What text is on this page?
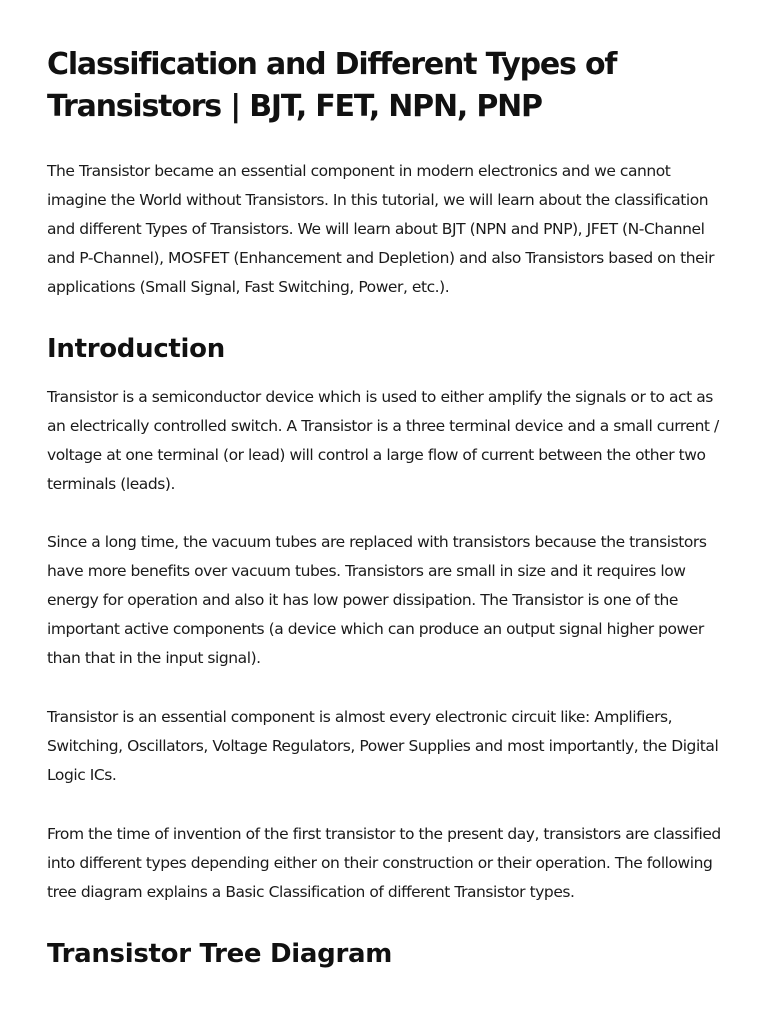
Classification and Different Types of Transistors | BJT, FET, NPN, PNP

The Transistor became an essential component in modern electronics and we cannot imagine the World without Transistors. In this tutorial, we will learn about the classification and different Types of Transistors. We will learn about BJT (NPN and PNP), JFET (N-Channel and P-Channel), MOSFET (Enhancement and Depletion) and also Transistors based on their applications (Small Signal, Fast Switching, Power, etc.).

Introduction

Transistor is a semiconductor device which is used to either amplify the signals or to act as an electrically controlled switch. A Transistor is a three terminal device and a small current / voltage at one terminal (or lead) will control a large flow of current between the other two terminals (leads).

Since a long time, the vacuum tubes are replaced with transistors because the transistors have more benefits over vacuum tubes. Transistors are small in size and it requires low energy for operation and also it has low power dissipation. The Transistor is one of the important active components (a device which can produce an output signal higher power than that in the input signal).

Transistor is an essential component is almost every electronic circuit like: Amplifiers, Switching, Oscillators, Voltage Regulators, Power Supplies and most importantly, the Digital Logic ICs.

From the time of invention of the first transistor to the present day, transistors are classified into different types depending either on their construction or their operation. The following tree diagram explains a Basic Classification of different Transistor types.

Transistor Tree Diagram
